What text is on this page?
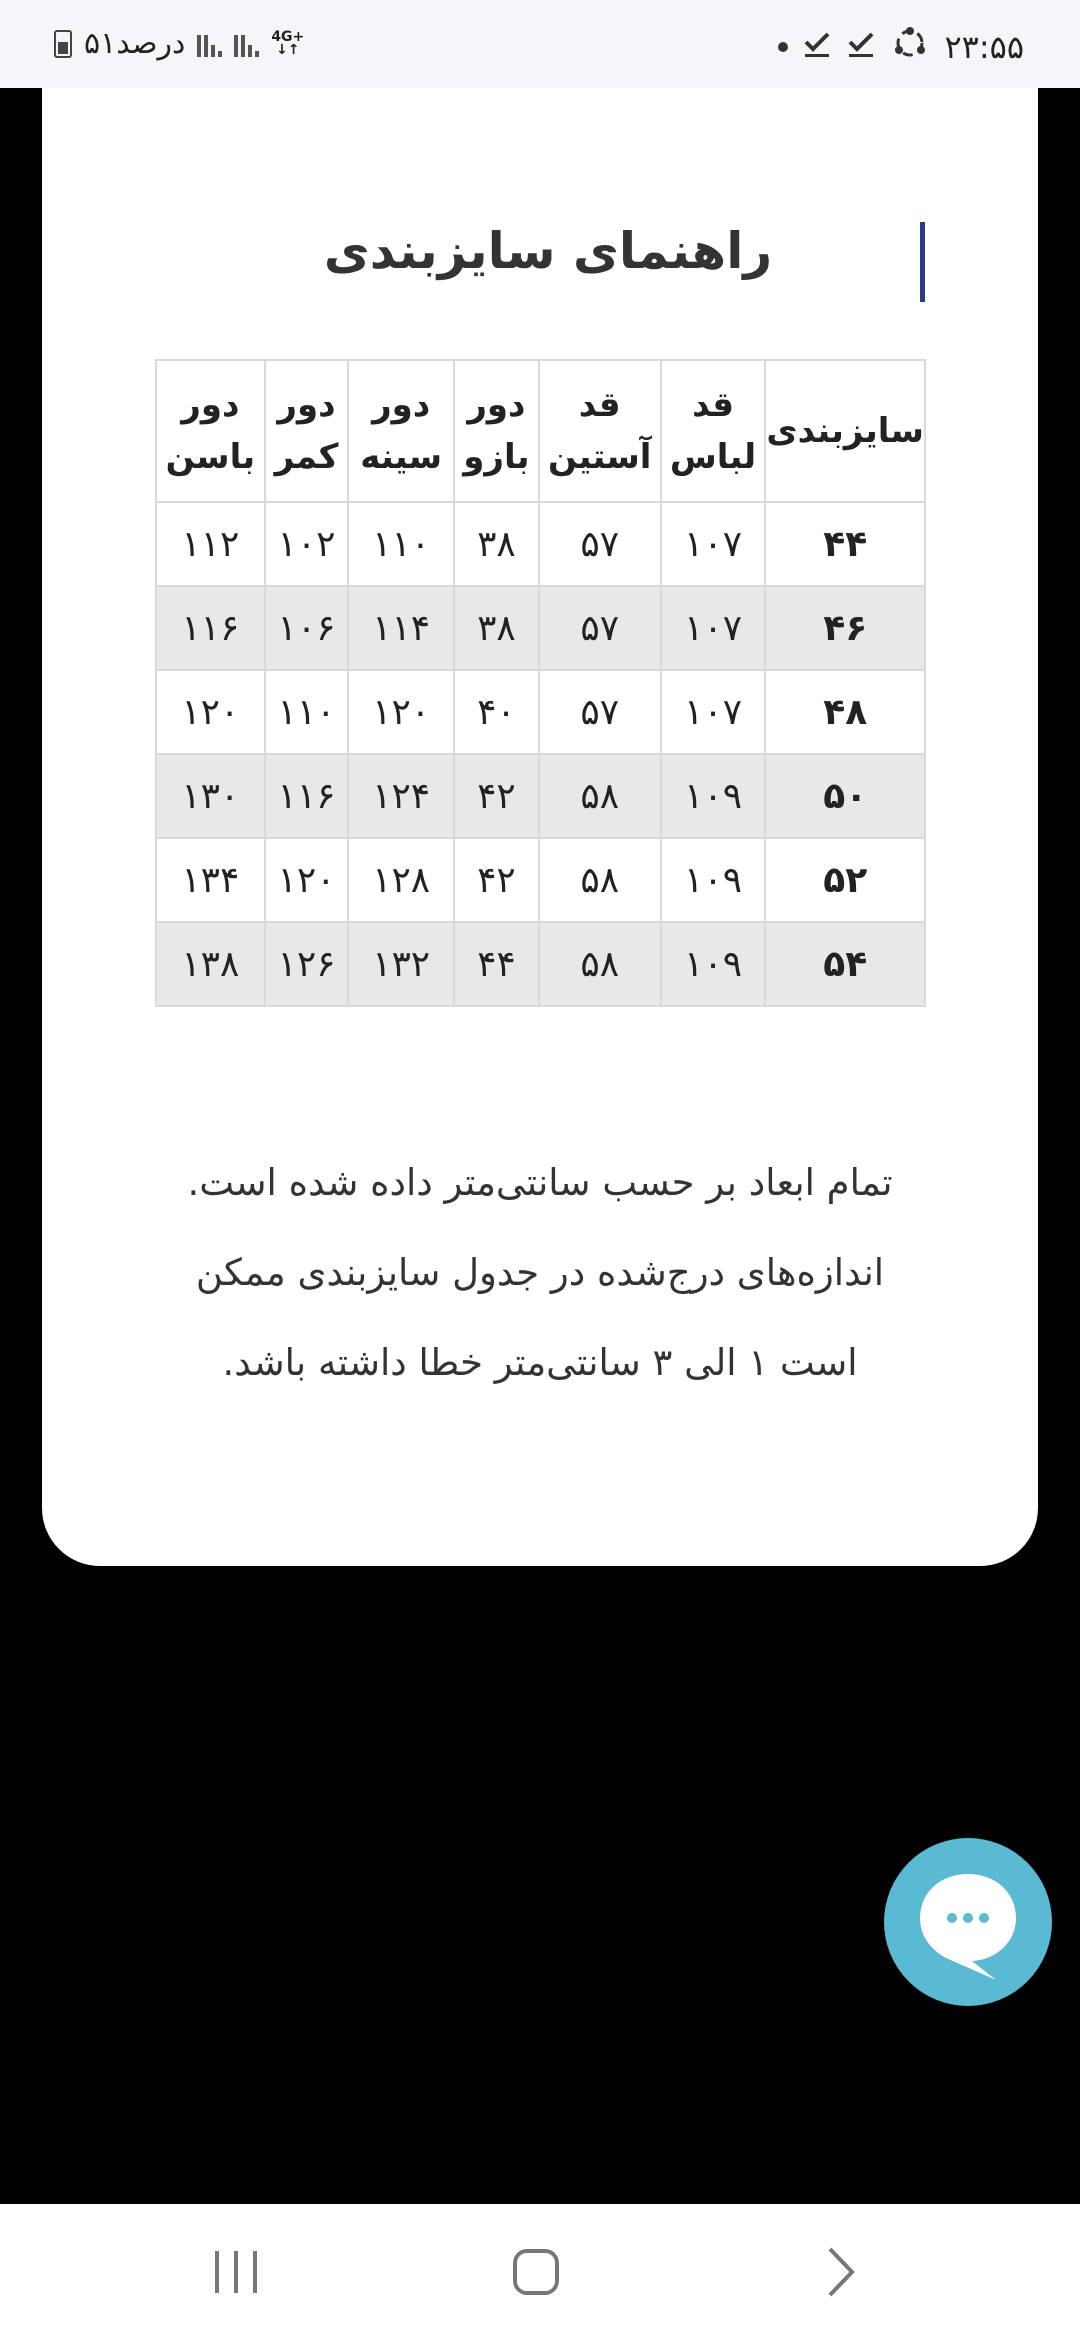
۲۳:۵۵
۵۱درصد	4G+
↓↑
راهنمای سایزبندی
سایزبندی	قد لباس	قد آستین	دور بازو	دور سینه	دور کمر	دور باسن
۴۴	۱۰۷	۵۷	۳۸	۱۱۰	۱۰۲	۱۱۲
۴۶	۱۰۷	۵۷	۳۸	۱۱۴	۱۰۶	۱۱۶
۴۸	۱۰۷	۵۷	۴۰	۱۲۰	۱۱۰	۱۲۰
۵۰	۱۰۹	۵۸	۴۲	۱۲۴	۱۱۶	۱۳۰
۵۲	۱۰۹	۵۸	۴۲	۱۲۸	۱۲۰	۱۳۴
۵۴	۱۰۹	۵۸	۴۴	۱۳۲	۱۲۶	۱۳۸
تمام ابعاد بر حسب سانتی‌متر داده شده است.
اندازه‌های درج‌شده در جدول سایزبندی ممکن
است ۱ الی ۳ سانتی‌متر خطا داشته باشد.
